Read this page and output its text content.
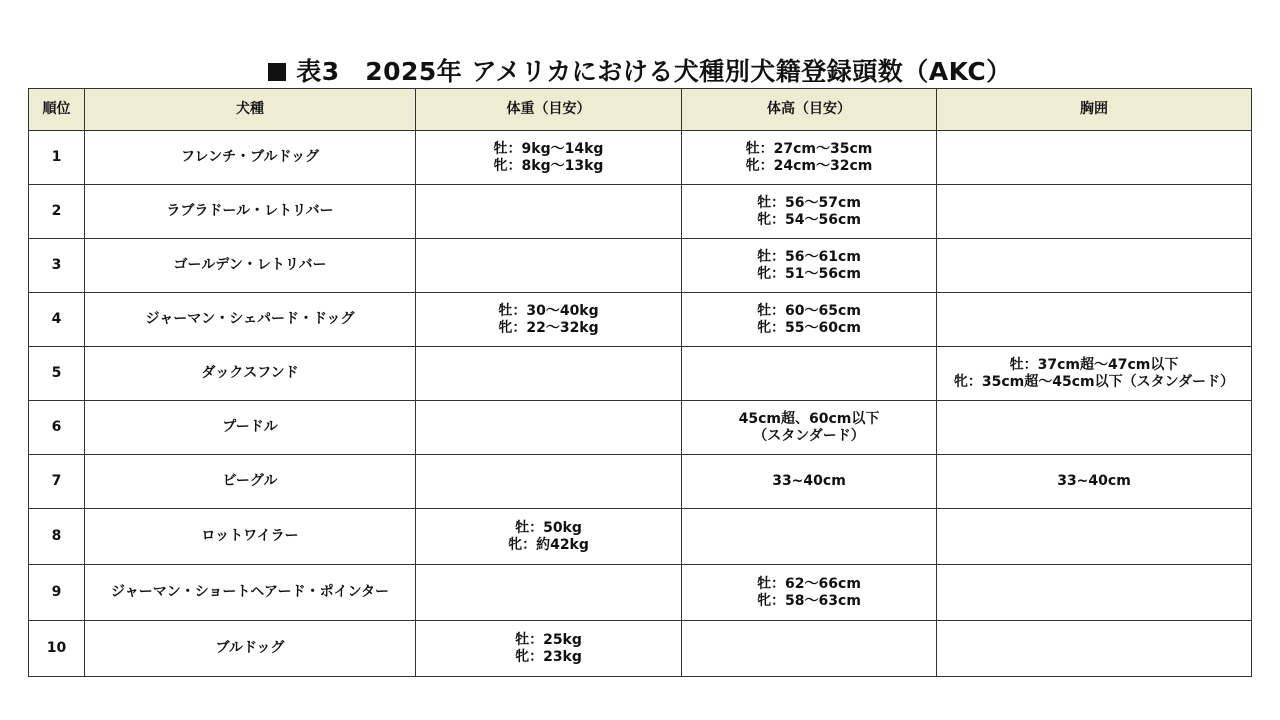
表3　2025年 アメリカにおける犬種別犬籍登録頭数（AKC）
順位	犬種	体重（目安）	体高（目安）	胸囲
1	フレンチ・ブルドッグ	牡：9kg～14kg
牝：8kg～13kg	牡：27cm～35cm
牝：24cm～32cm	
2	ラブラドール・レトリバー		牡：56～57cm
牝：54～56cm	
3	ゴールデン・レトリバー		牡：56～61cm
牝：51～56cm	
4	ジャーマン・シェパード・ドッグ	牡：30～40kg
牝：22～32kg	牡：60～65cm
牝：55～60cm	
5	ダックスフンド			牡：37cm超～47cm以下
牝：35cm超～45cm以下（スタンダード）
6	プードル		45cm超、60cm以下
（スタンダード）	
7	ビーグル		33~40cm	33~40cm
8	ロットワイラー	牡：50kg
牝：約42kg		
9	ジャーマン・ショートヘアード・ポインター		牡：62～66cm
牝：58～63cm	
10	ブルドッグ	牡：25kg
牝：23kg		
